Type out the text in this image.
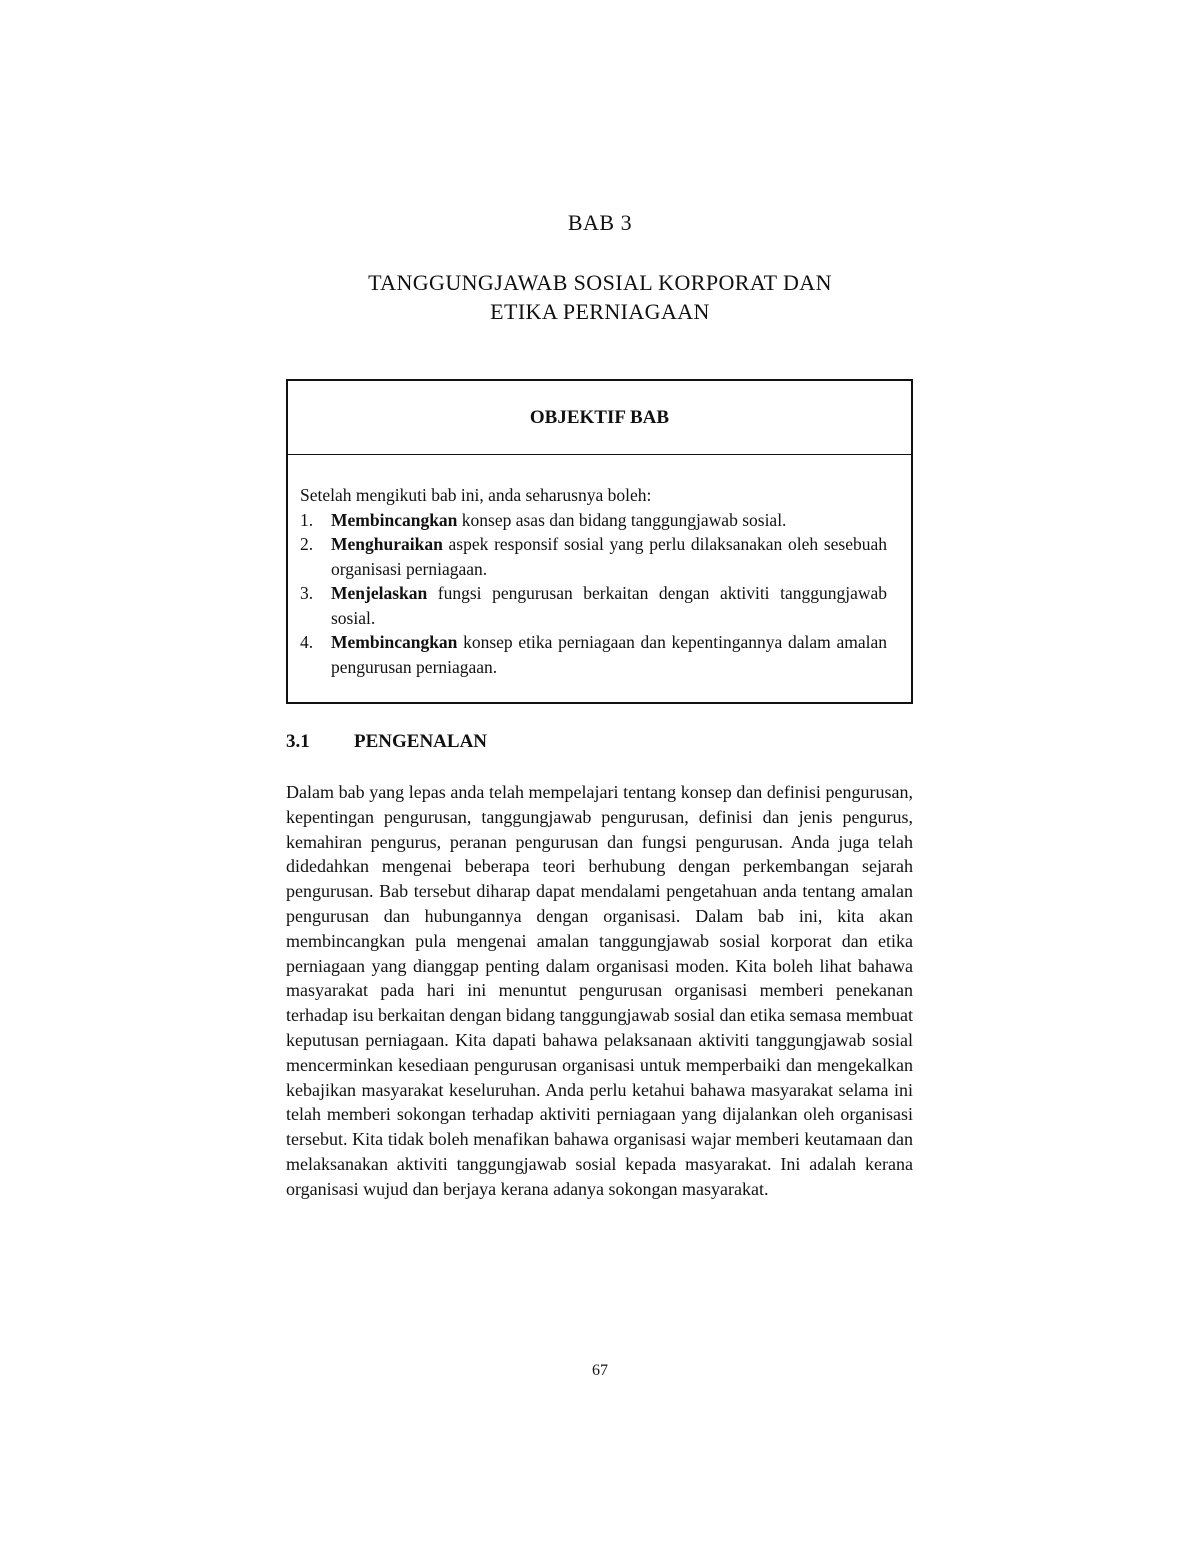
BAB 3
TANGGUNGJAWAB SOSIAL KORPORAT DAN
ETIKA PERNIAGAAN
OBJEKTIF BAB

Setelah mengikuti bab ini, anda seharusnya boleh:

1.	Membincangkan konsep asas dan bidang tanggungjawab sosial.
2.	Menghuraikan aspek responsif sosial yang perlu dilaksanakan oleh sesebuah organisasi perniagaan.
3.	Menjelaskan fungsi pengurusan berkaitan dengan aktiviti tanggungjawab sosial.
4.	Membincangkan konsep etika perniagaan dan kepentingannya dalam amalan pengurusan perniagaan.
3.1	PENGENALAN

Dalam bab yang lepas anda telah mempelajari tentang konsep dan definisi pengurusan, kepentingan pengurusan, tanggungjawab pengurusan, definisi dan jenis pengurus, kemahiran pengurus, peranan pengurusan dan fungsi pengurusan. Anda juga telah didedahkan mengenai beberapa teori berhubung dengan perkembangan sejarah pengurusan. Bab tersebut diharap dapat mendalami pengetahuan anda tentang amalan pengurusan dan hubungannya dengan organisasi. Dalam bab ini, kita akan membincangkan pula mengenai amalan tanggungjawab sosial korporat dan etika perniagaan yang dianggap penting dalam organisasi moden. Kita boleh lihat bahawa masyarakat pada hari ini menuntut pengurusan organisasi memberi penekanan terhadap isu berkaitan dengan bidang tanggungjawab sosial dan etika semasa membuat keputusan perniagaan. Kita dapati bahawa pelaksanaan aktiviti tanggungjawab sosial mencerminkan kesediaan pengurusan organisasi untuk memperbaiki dan mengekalkan kebajikan masyarakat keseluruhan. Anda perlu ketahui bahawa masyarakat selama ini telah memberi sokongan terhadap aktiviti perniagaan yang dijalankan oleh organisasi tersebut. Kita tidak boleh menafikan bahawa organisasi wajar memberi keutamaan dan melaksanakan aktiviti tanggungjawab sosial kepada masyarakat. Ini adalah kerana organisasi wujud dan berjaya kerana adanya sokongan masyarakat.

67
